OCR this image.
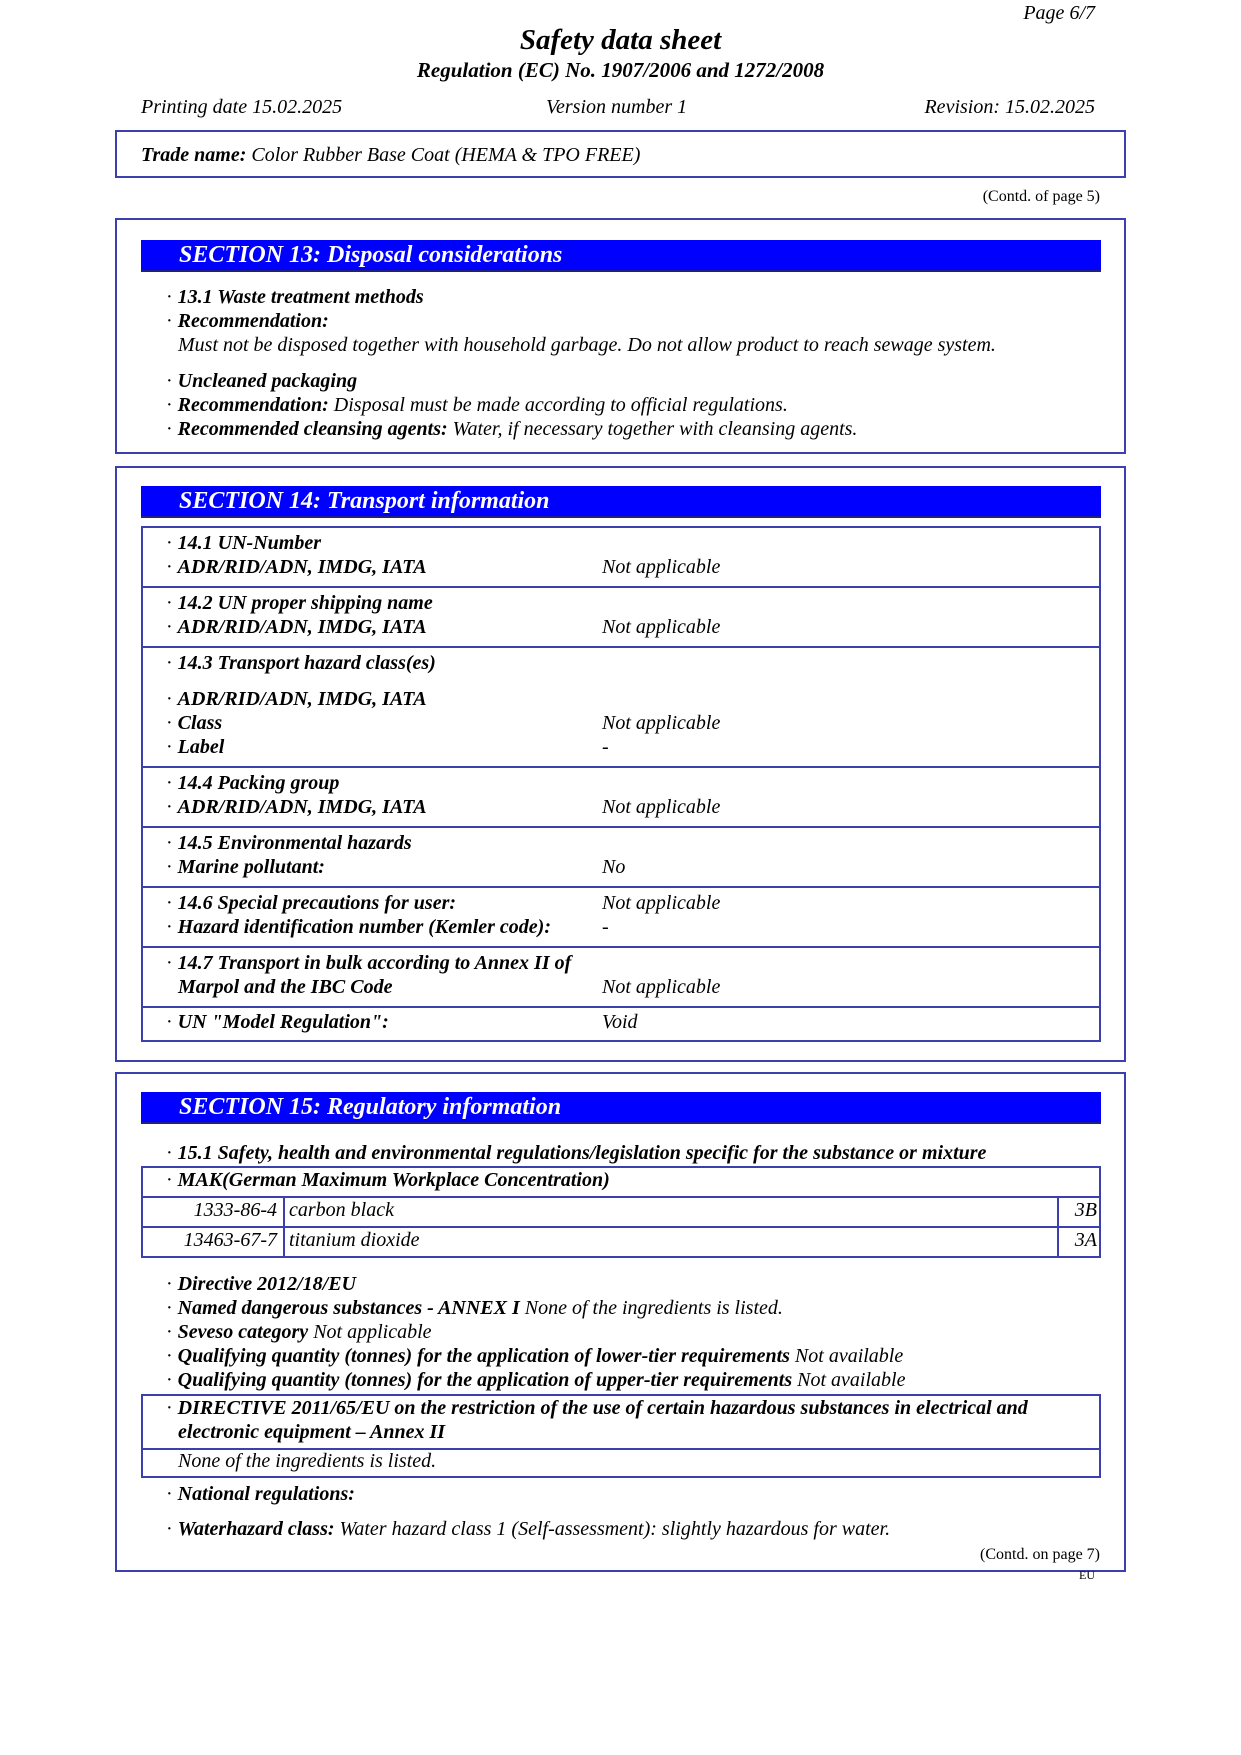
Page 6/7
Safety data sheet
Regulation (EC) No. 1907/2006 and 1272/2008
Printing date 15.02.2025	Version number 1	Revision: 15.02.2025
Trade name: Color Rubber Base Coat (HEMA & TPO FREE)
(Contd. of page 5)
SECTION 13: Disposal considerations
· 13.1 Waste treatment methods
· Recommendation:
Must not be disposed together with household garbage. Do not allow product to reach sewage system.
· Uncleaned packaging
· Recommendation: Disposal must be made according to official regulations.
· Recommended cleansing agents: Water, if necessary together with cleansing agents.
SECTION 14: Transport information
· 14.1 UN-Number
· ADR/RID/ADN, IMDG, IATA	Not applicable
· 14.2 UN proper shipping name
· ADR/RID/ADN, IMDG, IATA	Not applicable
· 14.3 Transport hazard class(es)
· ADR/RID/ADN, IMDG, IATA
· Class	Not applicable
· Label	-
· 14.4 Packing group
· ADR/RID/ADN, IMDG, IATA	Not applicable
· 14.5 Environmental hazards
· Marine pollutant:	No
· 14.6 Special precautions for user:	Not applicable
· Hazard identification number (Kemler code):	-
· 14.7 Transport in bulk according to Annex II of
Marpol and the IBC Code	Not applicable
· UN "Model Regulation":	Void
SECTION 15: Regulatory information
· 15.1 Safety, health and environmental regulations/legislation specific for the substance or mixture
· MAK(German Maximum Workplace Concentration)
1333-86-4 carbon black	3B
13463-67-7 titanium dioxide	3A
· Directive 2012/18/EU
· Named dangerous substances - ANNEX I None of the ingredients is listed.
· Seveso category Not applicable
· Qualifying quantity (tonnes) for the application of lower-tier requirements Not available
· Qualifying quantity (tonnes) for the application of upper-tier requirements Not available
· DIRECTIVE 2011/65/EU on the restriction of the use of certain hazardous substances in electrical and
electronic equipment – Annex II
None of the ingredients is listed.
· National regulations:
· Waterhazard class: Water hazard class 1 (Self-assessment): slightly hazardous for water.
(Contd. on page 7)
EU
